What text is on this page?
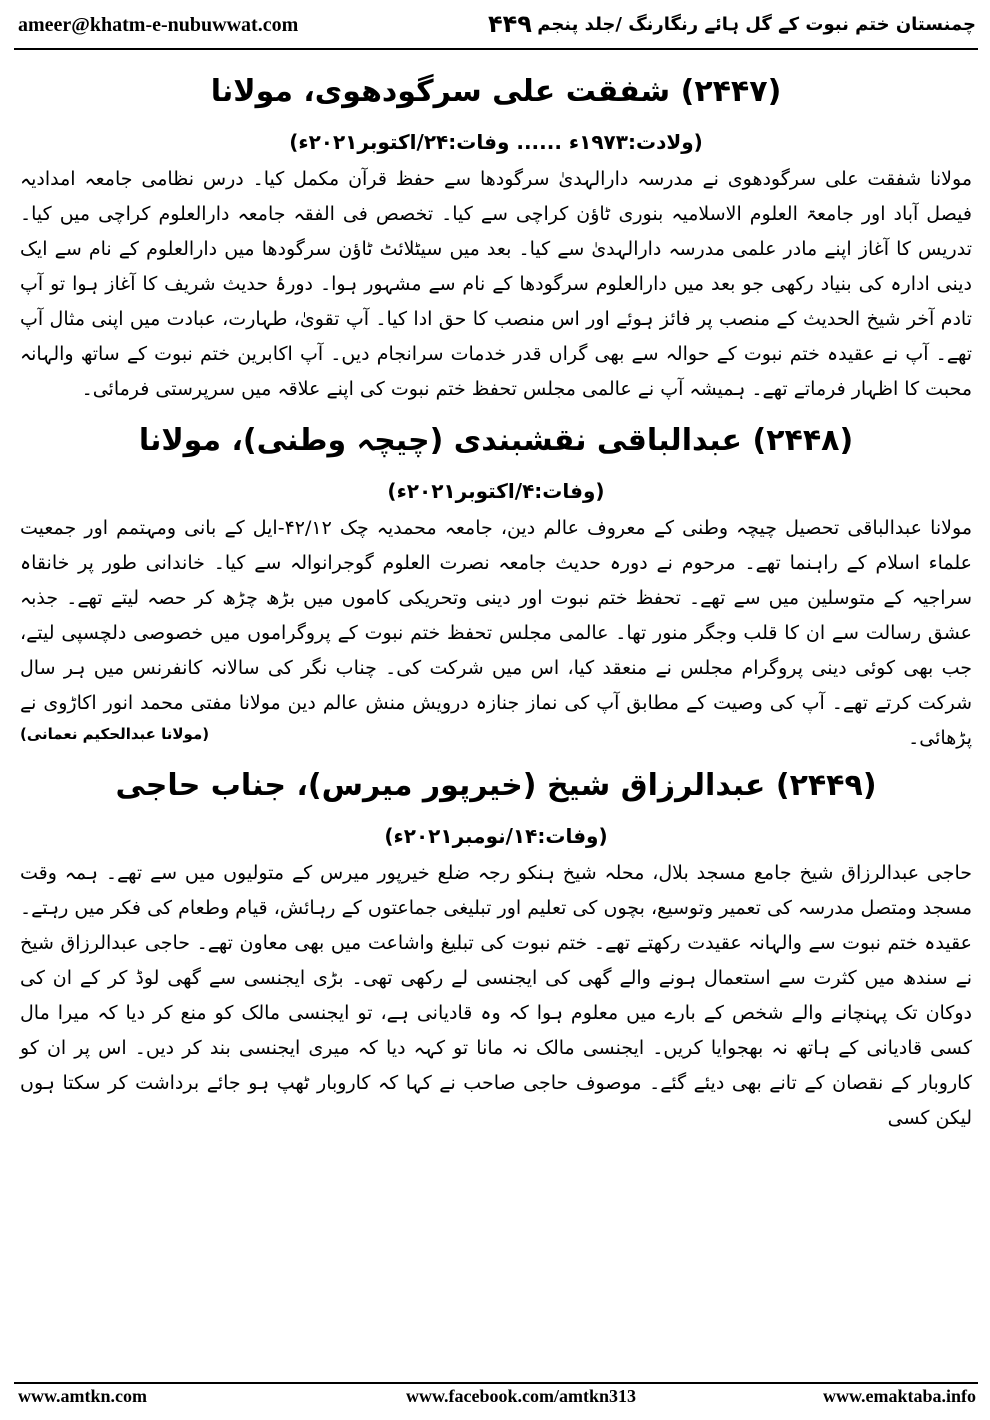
ameer@khatm-e-nubuwwat.com	۴۴۹ چمنستان ختم نبوت کے گل ہائے رنگارنگ /جلد پنجم
(۲۴۴۷) شفقت علی سرگودھوی، مولانا

(ولادت:۱۹۷۳ء ...... وفات:۲۴/اکتوبر۲۰۲۱ء)

مولانا شفقت علی سرگودھوی نے مدرسہ دارالہدیٰ سرگودھا سے حفظ قرآن مکمل کیا۔ درس نظامی جامعہ امدادیہ فیصل آباد اور جامعۃ العلوم الاسلامیہ بنوری ٹاؤن کراچی سے کیا۔ تخصص فی الفقہ جامعہ دارالعلوم کراچی میں کیا۔ تدریس کا آغاز اپنے مادر علمی مدرسہ دارالہدیٰ سے کیا۔ بعد میں سیٹلائٹ ٹاؤن سرگودھا میں دارالعلوم کے نام سے ایک دینی ادارہ کی بنیاد رکھی جو بعد میں دارالعلوم سرگودھا کے نام سے مشہور ہوا۔ دورۂ حدیث شریف کا آغاز ہوا تو آپ تادم آخر شیخ الحدیث کے منصب پر فائز ہوئے اور اس منصب کا حق ادا کیا۔ آپ تقویٰ، طہارت، عبادت میں اپنی مثال آپ تھے۔ آپ نے عقیدہ ختم نبوت کے حوالہ سے بھی گراں قدر خدمات سرانجام دیں۔ آپ اکابرین ختم نبوت کے ساتھ والہانہ محبت کا اظہار فرماتے تھے۔ ہمیشہ آپ نے عالمی مجلس تحفظ ختم نبوت کی اپنے علاقہ میں سرپرستی فرمائی۔

(۲۴۴۸) عبدالباقی نقشبندی (چیچہ وطنی)، مولانا

(وفات:۴/اکتوبر۲۰۲۱ء)

مولانا عبدالباقی تحصیل چیچہ وطنی کے معروف عالم دین، جامعہ محمدیہ چک ۴۲/۱۲-ایل کے بانی ومہتمم اور جمعیت علماء اسلام کے راہنما تھے۔ مرحوم نے دورہ حدیث جامعہ نصرت العلوم گوجرانوالہ سے کیا۔ خاندانی طور پر خانقاہ سراجیہ کے متوسلین میں سے تھے۔ تحفظ ختم نبوت اور دینی وتحریکی کاموں میں بڑھ چڑھ کر حصہ لیتے تھے۔ جذبہ عشق رسالت سے ان کا قلب وجگر منور تھا۔ عالمی مجلس تحفظ ختم نبوت کے پروگراموں میں خصوصی دلچسپی لیتے، جب بھی کوئی دینی پروگرام مجلس نے منعقد کیا، اس میں شرکت کی۔ چناب نگر کی سالانہ کانفرنس میں ہر سال شرکت کرتے تھے۔ آپ کی وصیت کے مطابق آپ کی نماز جنازہ درویش منش عالم دین مولانا مفتی محمد انور اکاڑوی نے پڑھائی۔

(مولانا عبدالحکیم نعمانی)
(۲۴۴۹) عبدالرزاق شیخ (خیرپور میرس)، جناب حاجی

(وفات:۱۴/نومبر۲۰۲۱ء)

حاجی عبدالرزاق شیخ جامع مسجد بلال، محلہ شیخ ہنکو رجہ ضلع خیرپور میرس کے متولیوں میں سے تھے۔ ہمہ وقت مسجد ومتصل مدرسہ کی تعمیر وتوسیع، بچوں کی تعلیم اور تبلیغی جماعتوں کے رہائش، قیام وطعام کی فکر میں رہتے۔ عقیدہ ختم نبوت سے والہانہ عقیدت رکھتے تھے۔ ختم نبوت کی تبلیغ واشاعت میں بھی معاون تھے۔ حاجی عبدالرزاق شیخ نے سندھ میں کثرت سے استعمال ہونے والے گھی کی ایجنسی لے رکھی تھی۔ بڑی ایجنسی سے گھی لوڈ کر کے ان کی دوکان تک پہنچانے والے شخص کے بارے میں معلوم ہوا کہ وہ قادیانی ہے، تو ایجنسی مالک کو منع کر دیا کہ میرا مال کسی قادیانی کے ہاتھ نہ بھجوایا کریں۔ ایجنسی مالک نہ مانا تو کہہ دیا کہ میری ایجنسی بند کر دیں۔ اس پر ان کو کاروبار کے نقصان کے تانے بھی دیئے گئے۔ موصوف حاجی صاحب نے کہا کہ کاروبار ٹھپ ہو جائے برداشت کر سکتا ہوں لیکن کسی

www.amtkn.com	www.facebook.com/amtkn313	www.emaktaba.info
